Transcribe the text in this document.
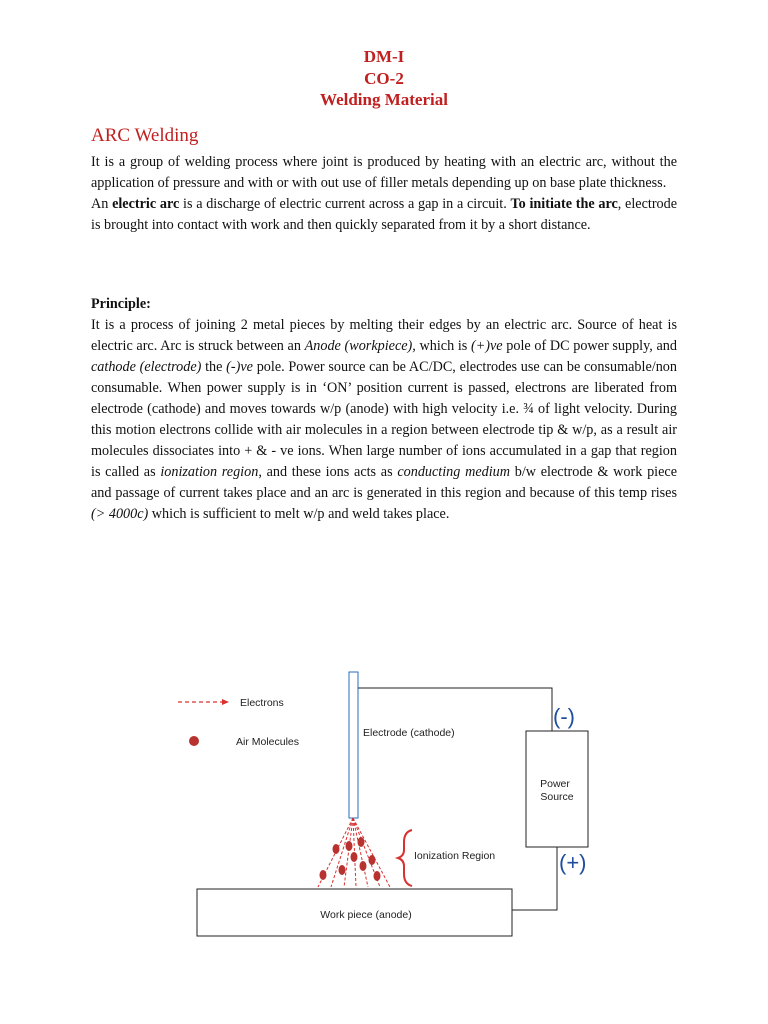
DM-I
CO-2
Welding Material
ARC Welding

It is a group of welding process where joint is produced by heating with an electric arc, without the application of pressure and with or with out use of filler metals depending up on base plate thickness.

An electric arc is a discharge of electric current across a gap in a circuit. To initiate the arc, electrode is brought into contact with work and then quickly separated from it by a short distance.

Principle:

It is a process of joining 2 metal pieces by melting their edges by an electric arc. Source of heat is electric arc. Arc is struck between an Anode (workpiece), which is (+)ve pole of DC power supply, and cathode (electrode) the (-)ve pole. Power source can be AC/DC, electrodes use can be consumable/non consumable. When power supply is in ‘ON’ position current is passed, electrons are liberated from electrode (cathode) and moves towards w/p (anode) with high velocity i.e. ¾ of light velocity. During this motion electrons collide with air molecules in a region between electrode tip & w/p, as a result air molecules dissociates into + & - ve ions. When large number of ions accumulated in a gap that region is called as ionization region, and these ions acts as conducting medium b/w electrode & work piece and passage of current takes place and an arc is generated in this region and because of this temp rises (> 4000c) which is sufficient to melt w/p and weld takes place.

Electrons
Air Molecules
Electrode (cathode)
Power
Source
(-)
(+)
Ionization Region
Work piece (anode)
